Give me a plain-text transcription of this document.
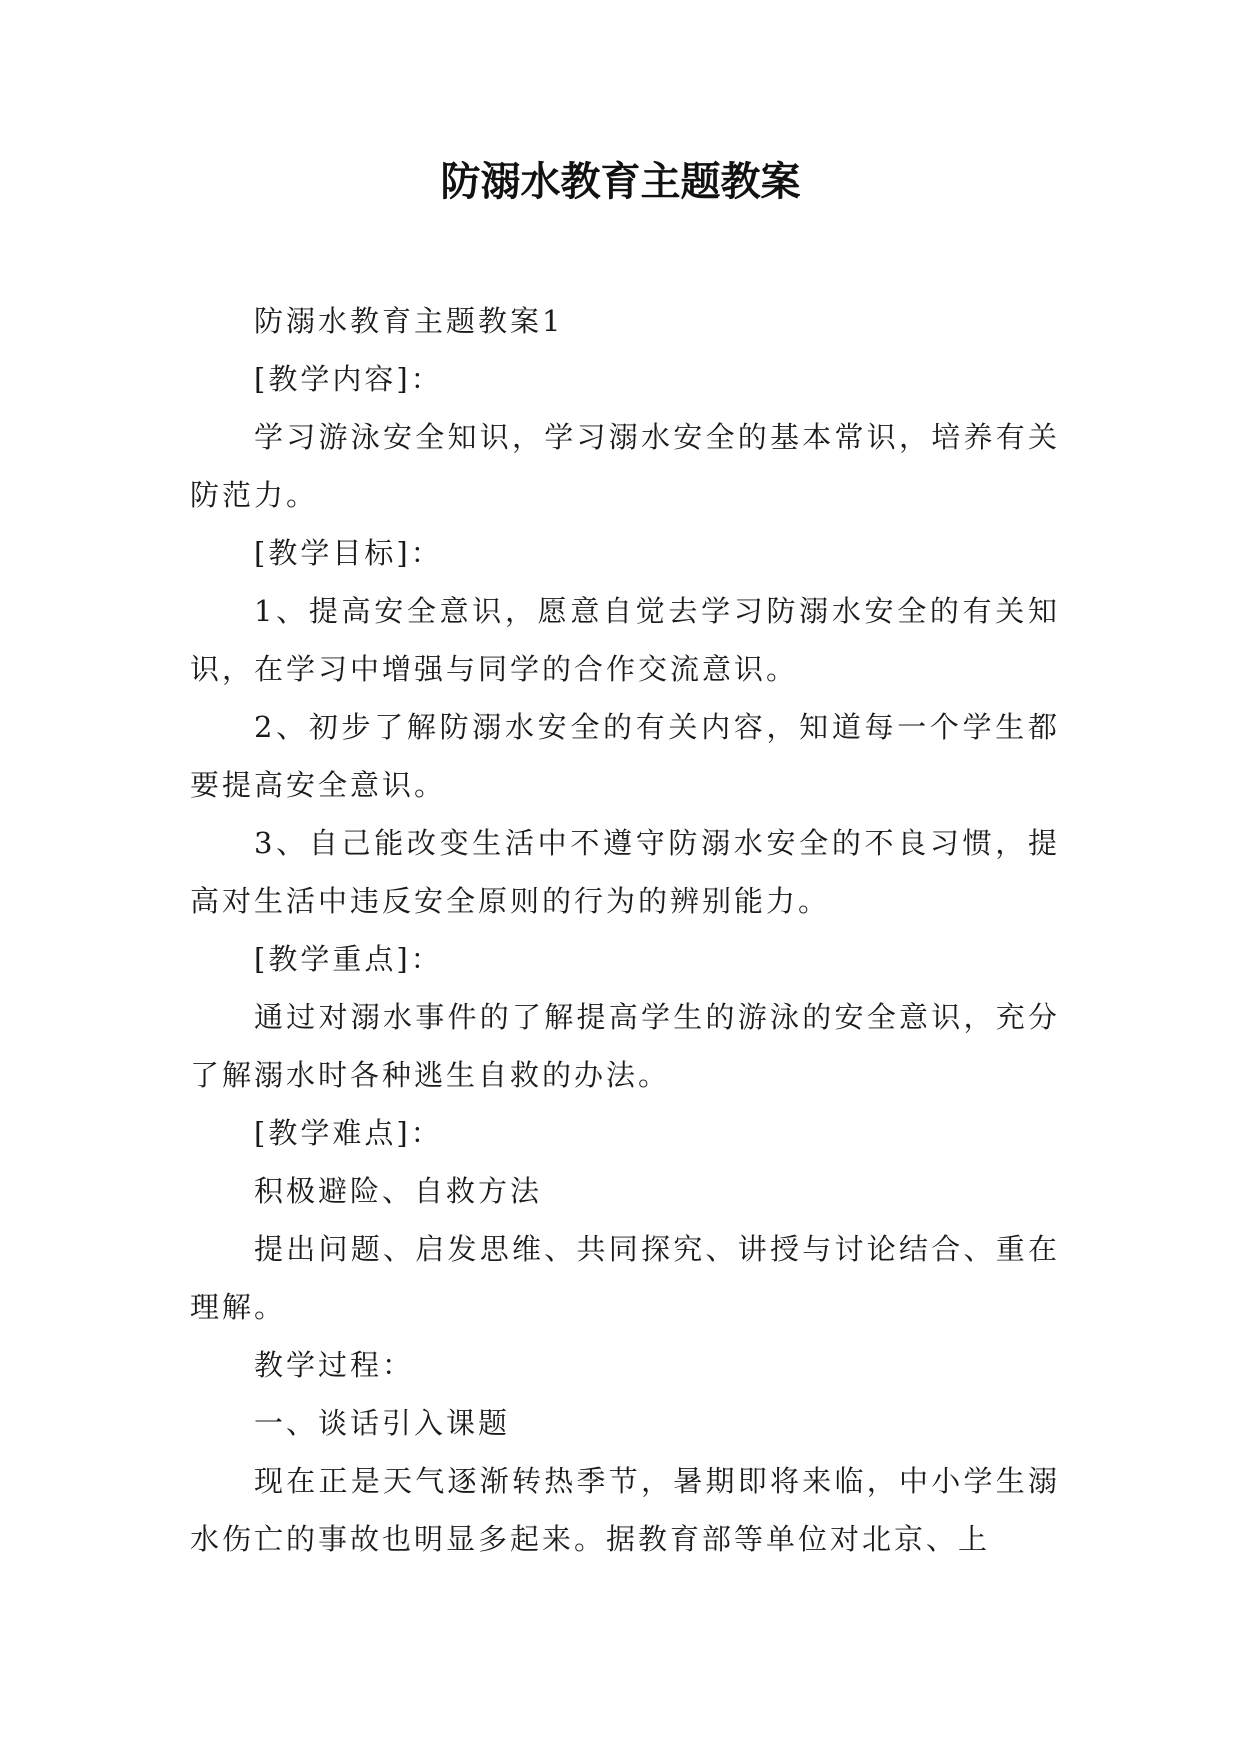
防溺水教育主题教案

防溺水教育主题教案1

[教学内容]：

学习游泳安全知识，学习溺水安全的基本常识，培养有关防范力。

[教学目标]：

1、提高安全意识，愿意自觉去学习防溺水安全的有关知识，在学习中增强与同学的合作交流意识。

2、初步了解防溺水安全的有关内容，知道每一个学生都要提高安全意识。

3、自己能改变生活中不遵守防溺水安全的不良习惯，提高对生活中违反安全原则的行为的辨别能力。

[教学重点]：

通过对溺水事件的了解提高学生的游泳的安全意识，充分了解溺水时各种逃生自救的办法。

[教学难点]：

积极避险、自救方法

提出问题、启发思维、共同探究、讲授与讨论结合、重在理解。

教学过程：

一、谈话引入课题

现在正是天气逐渐转热季节，暑期即将来临，中小学生溺水伤亡的事故也明显多起来。据教育部等单位对北京、上
